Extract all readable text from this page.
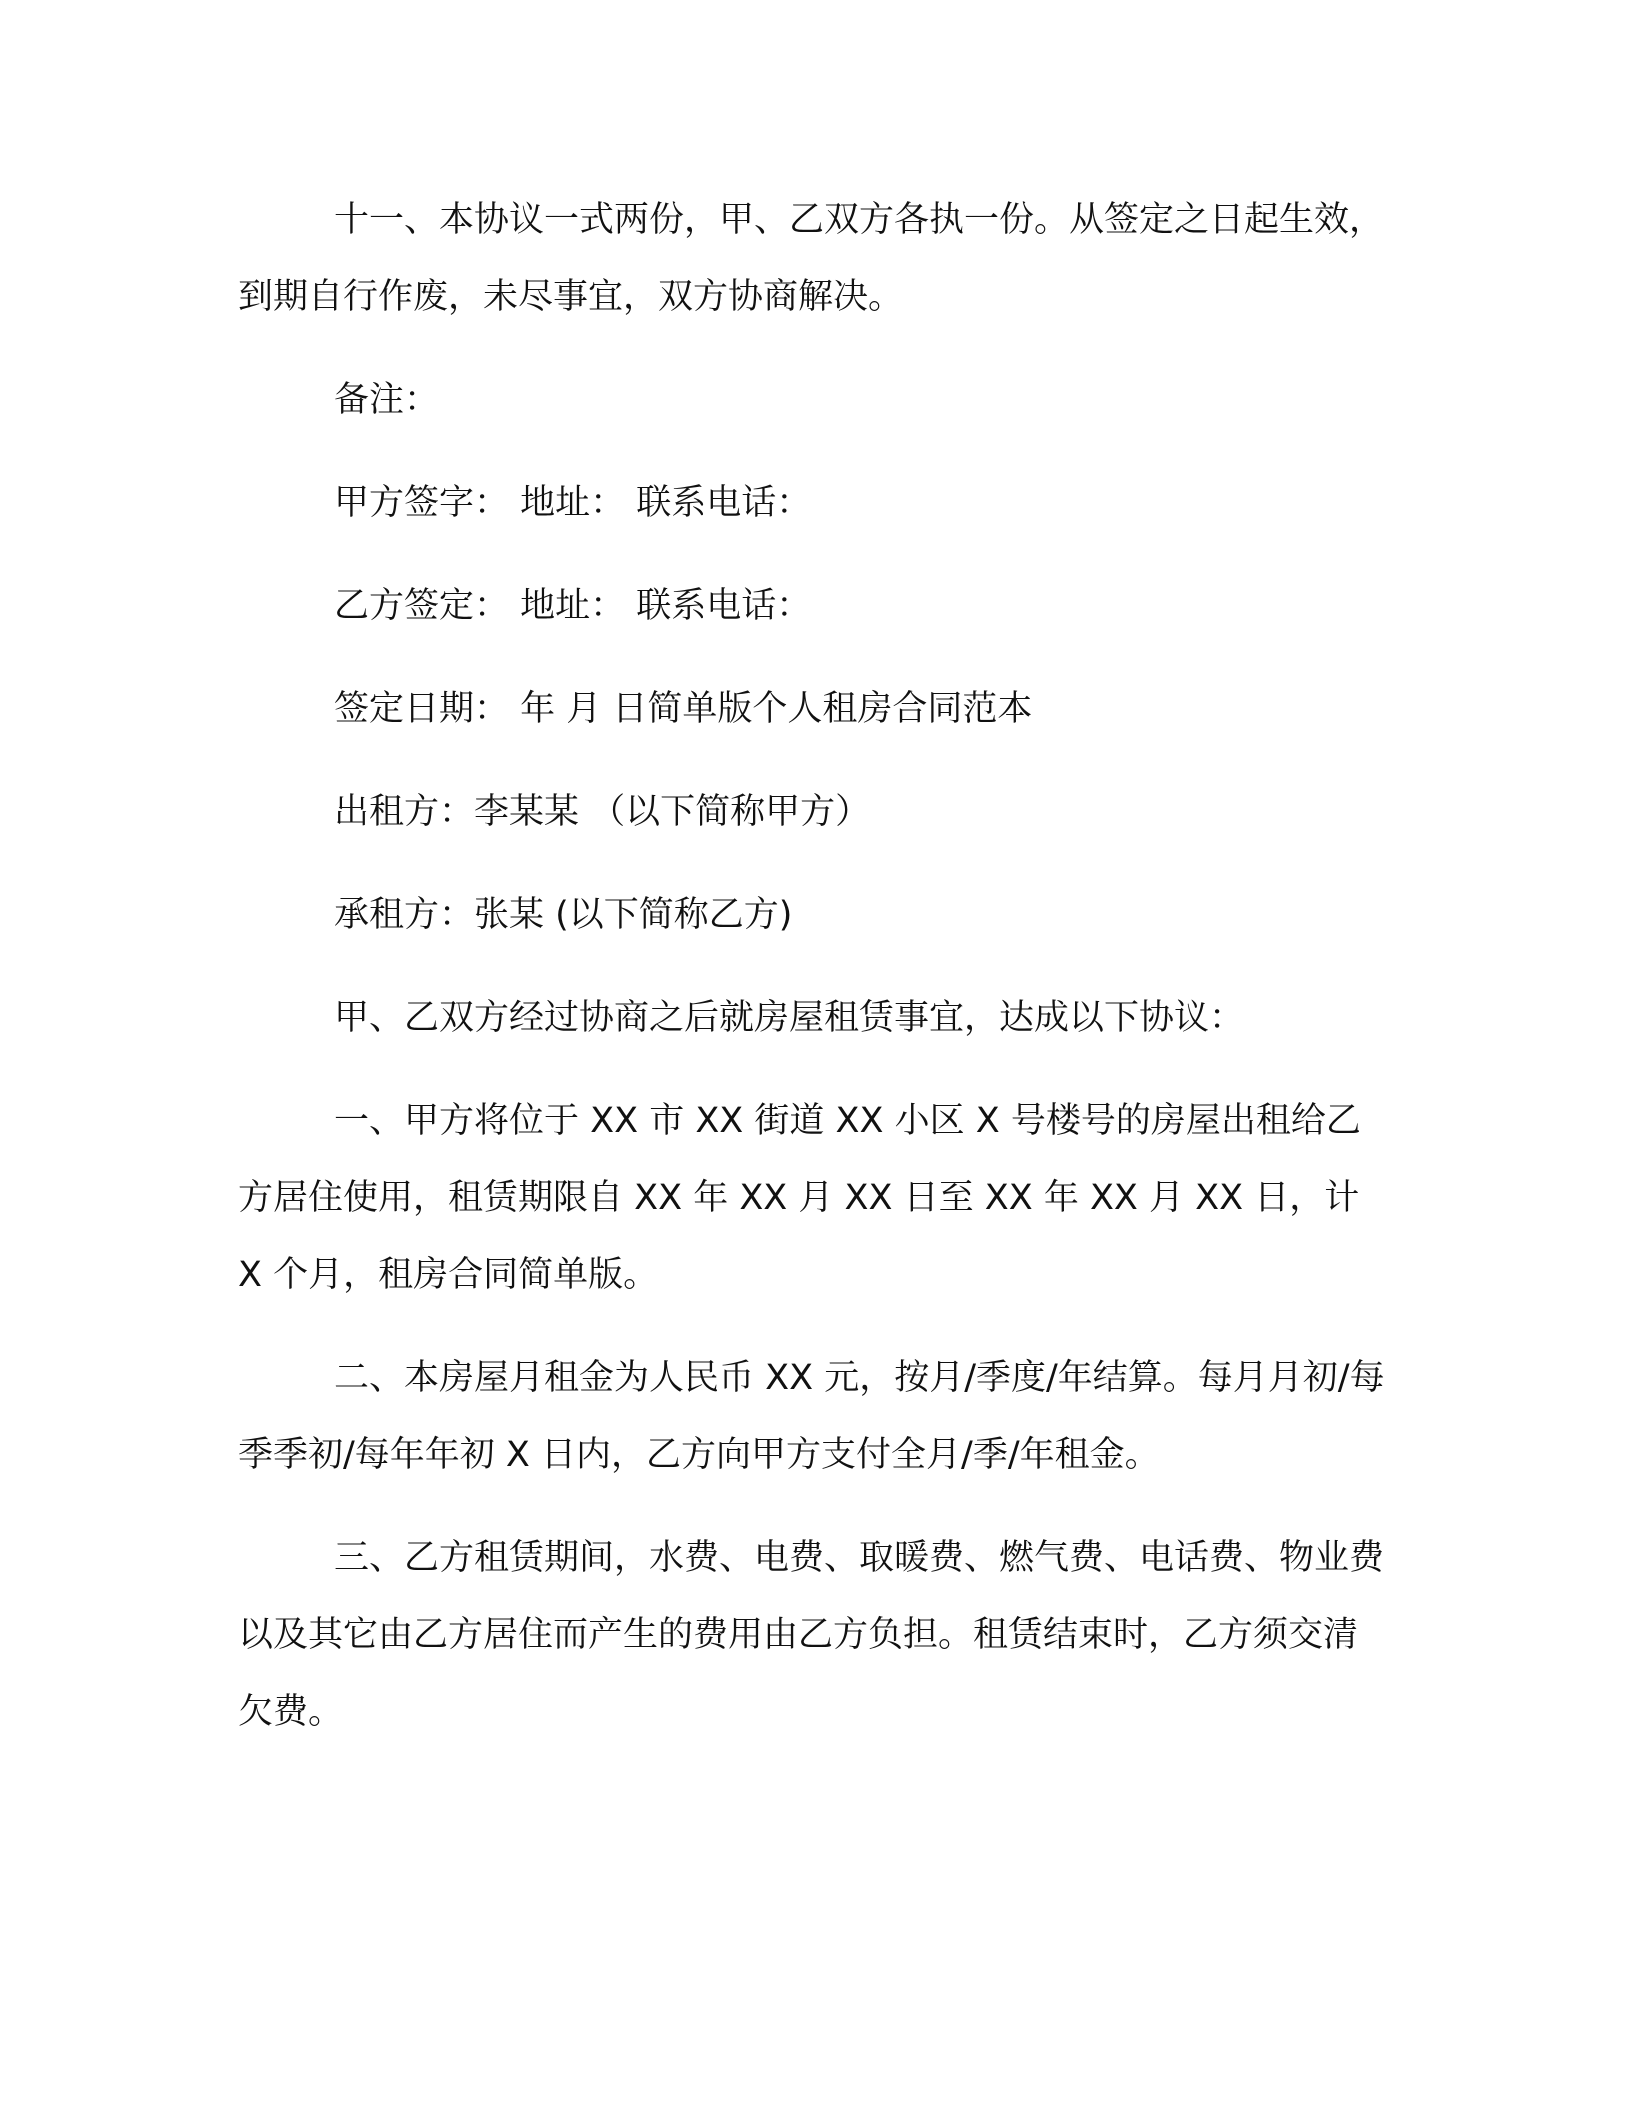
十一、本协议一式两份，甲、乙双方各执一份。从签定之日起生效，到期自行作废，未尽事宜，双方协商解决。

备注：

甲方签字： 地址： 联系电话：

乙方签定： 地址： 联系电话：

签定日期： 年 月 日简单版个人租房合同范本

出租方：李某某 （以下简称甲方）

承租方：张某 (以下简称乙方)

甲、乙双方经过协商之后就房屋租赁事宜，达成以下协议：

一、甲方将位于 XX 市 XX 街道 XX 小区 X 号楼号的房屋出租给乙方居住使用，租赁期限自 XX 年 XX 月 XX 日至 XX 年 XX 月 XX 日，计 X 个月，租房合同简单版。

二、本房屋月租金为人民币 XX 元，按月/季度/年结算。每月月初/每季季初/每年年初 X 日内，乙方向甲方支付全月/季/年租金。

三、乙方租赁期间，水费、电费、取暖费、燃气费、电话费、物业费以及其它由乙方居住而产生的费用由乙方负担。租赁结束时，乙方须交清欠费。
